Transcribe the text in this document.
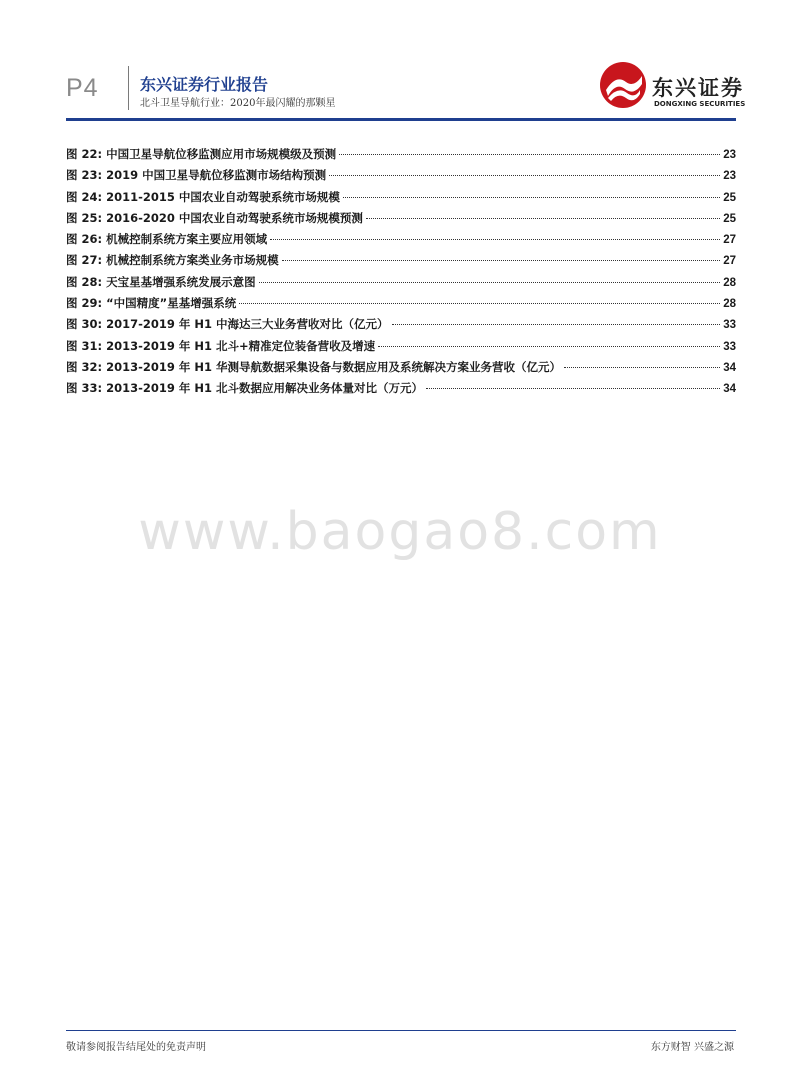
P4	东兴证券行业报告
北斗卫星导航行业：2020年最闪耀的那颗星
东兴证券
DONGXING SECURITIES
图 22: 中国卫星导航位移监测应用市场规模级及预测	23
图 23: 2019 中国卫星导航位移监测市场结构预测	23
图 24: 2011-2015 中国农业自动驾驶系统市场规模	25
图 25: 2016-2020 中国农业自动驾驶系统市场规模预测	25
图 26: 机械控制系统方案主要应用领域	27
图 27: 机械控制系统方案类业务市场规模	27
图 28: 天宝星基增强系统发展示意图	28
图 29: “中国精度”星基增强系统	28
图 30: 2017-2019 年 H1 中海达三大业务营收对比（亿元）	33
图 31: 2013-2019 年 H1 北斗+精准定位装备营收及增速	33
图 32: 2013-2019 年 H1 华测导航数据采集设备与数据应用及系统解决方案业务营收（亿元）	34
图 33: 2013-2019 年 H1 北斗数据应用解决业务体量对比（万元）	34
www.baogao8.com
敬请参阅报告结尾处的免责声明	东方财智 兴盛之源
